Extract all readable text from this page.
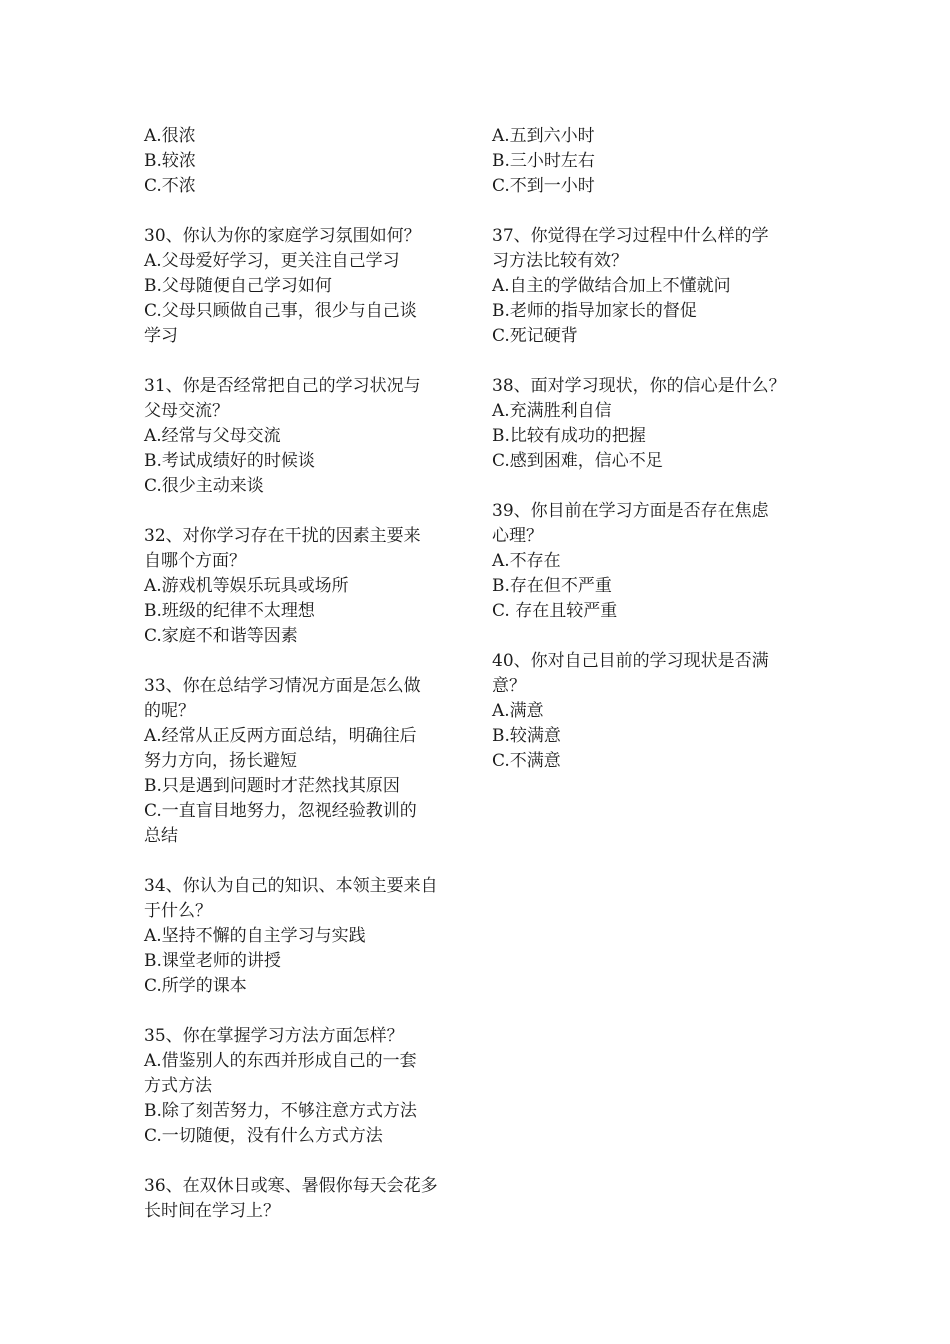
A.很浓
B.较浓
C.不浓
30、你认为你的家庭学习氛围如何？
A.父母爱好学习，更关注自己学习
B.父母随便自己学习如何
C.父母只顾做自己事，很少与自己谈
学习
31、你是否经常把自己的学习状况与
父母交流？
A.经常与父母交流
B.考试成绩好的时候谈
C.很少主动来谈
32、对你学习存在干扰的因素主要来
自哪个方面？
A.游戏机等娱乐玩具或场所
B.班级的纪律不太理想
C.家庭不和谐等因素
33、你在总结学习情况方面是怎么做
的呢？
A.经常从正反两方面总结，明确往后
努力方向，扬长避短
B.只是遇到问题时才茫然找其原因
C.一直盲目地努力，忽视经验教训的
总结
34、你认为自己的知识、本领主要来自
于什么？
A.坚持不懈的自主学习与实践
B.课堂老师的讲授
C.所学的课本
35、你在掌握学习方法方面怎样？
A.借鉴别人的东西并形成自己的一套
方式方法
B.除了刻苦努力，不够注意方式方法
C.一切随便，没有什么方式方法
36、在双休日或寒、暑假你每天会花多
长时间在学习上？
A.五到六小时
B.三小时左右
C.不到一小时
37、你觉得在学习过程中什么样的学
习方法比较有效？
A.自主的学做结合加上不懂就问
B.老师的指导加家长的督促
C.死记硬背
38、面对学习现状，你的信心是什么？
A.充满胜利自信
B.比较有成功的把握
C.感到困难，信心不足
39、你目前在学习方面是否存在焦虑
心理？
A.不存在
B.存在但不严重
C. 存在且较严重
40、你对自己目前的学习现状是否满
意？
A.满意
B.较满意
C.不满意
